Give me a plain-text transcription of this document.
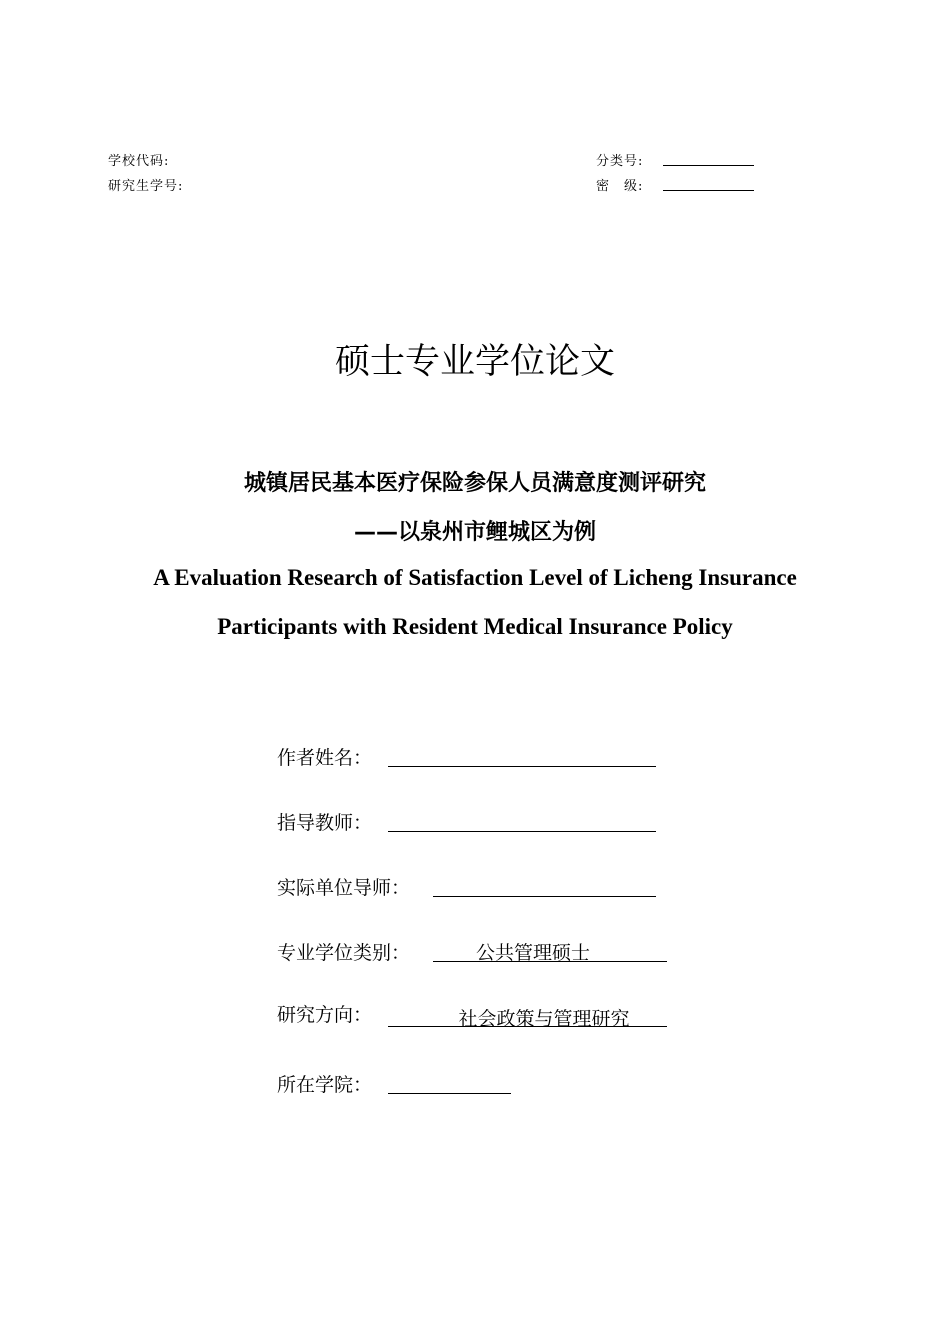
学校代码:
研究生学号:
分类号:
密　级:
硕士专业学位论文
城镇居民基本医疗保险参保人员满意度测评研究
——以泉州市鲤城区为例
A Evaluation Research of Satisfaction Level of Licheng Insurance
Participants with Resident Medical Insurance Policy
作者姓名：
指导教师：
实际单位导师：
专业学位类别：	公共管理硕士
研究方向：	社会政策与管理研究
所在学院：
